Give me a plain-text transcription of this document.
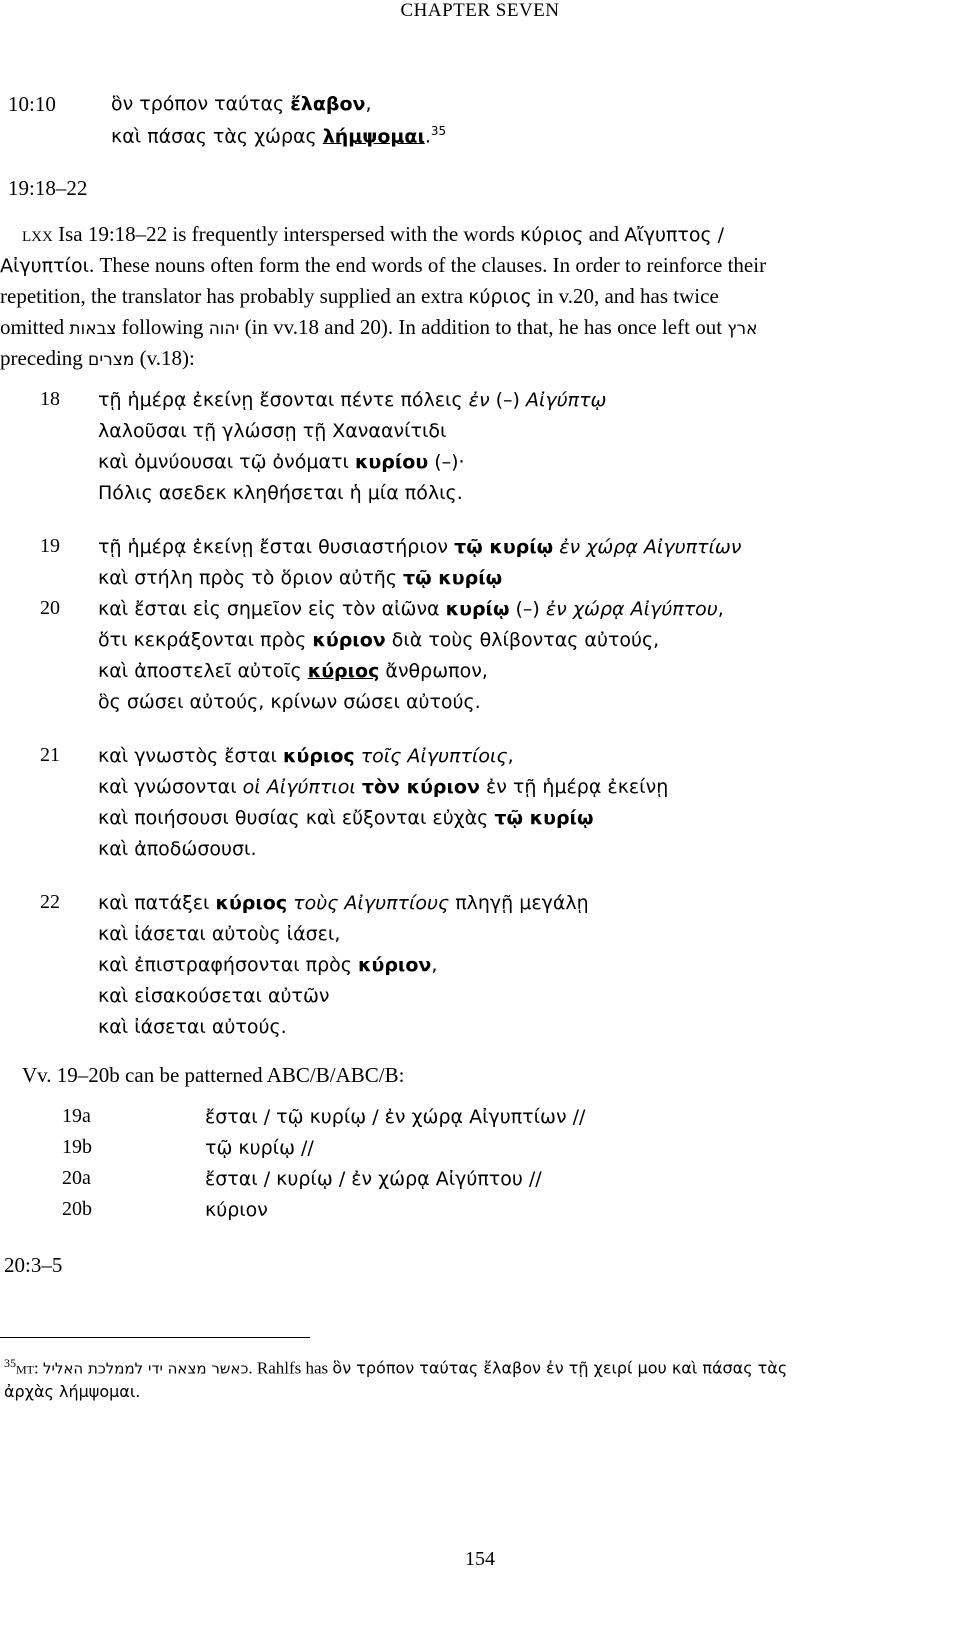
CHAPTER SEVEN
10:10	ὃν τρόπον ταύτας ἔλαβον,
καὶ πάσας τὰς χώρας λήμψομαι.$^{35}$
19:18–22
lxx Isa 19:18–22 is frequently interspersed with the words κύριος and Αἴγυπτος /
Αἰγυπτίοι. These nouns often form the end words of the clauses. In order to reinforce their
repetition, the translator has probably supplied an extra κύριος in v.20, and has twice
omitted צבאות following יהוה (in vv.18 and 20). In addition to that, he has once left out ארץ
preceding מצרים (v.18):
18 τῇ ἡμέρᾳ ἐκείνῃ ἔσονται πέντε πόλεις ἐν (–) Αἰγύπτῳ
λαλοῦσαι τῇ γλώσσῃ τῇ Χαναανίτιδι
καὶ ὀμνύουσαι τῷ ὀνόματι κυρίου (–)·
Πόλις ασεδεκ κληθήσεται ἡ μία πόλις.
19 τῇ ἡμέρᾳ ἐκείνῃ ἔσται θυσιαστήριον τῷ κυρίῳ ἐν χώρᾳ Αἰγυπτίων
καὶ στήλη πρὸς τὸ ὅριον αὐτῆς τῷ κυρίῳ
20 καὶ ἔσται εἰς σημεῖον εἰς τὸν αἰῶνα κυρίῳ (–) ἐν χώρᾳ Αἰγύπτου,
ὅτι κεκράξονται πρὸς κύριον διὰ τοὺς θλίβοντας αὐτούς,
καὶ ἀποστελεῖ αὐτοῖς κύριος ἄνθρωπον,
ὃς σώσει αὐτούς, κρίνων σώσει αὐτούς.
21 καὶ γνωστὸς ἔσται κύριος τοῖς Αἰγυπτίοις,
καὶ γνώσονται οἱ Αἰγύπτιοι τὸν κύριον ἐν τῇ ἡμέρᾳ ἐκείνῃ
καὶ ποιήσουσι θυσίας καὶ εὔξονται εὐχὰς τῷ κυρίῳ
καὶ ἀποδώσουσι.
22 καὶ πατάξει κύριος τοὺς Αἰγυπτίους πληγῇ μεγάλῃ
καὶ ἰάσεται αὐτοὺς ἰάσει,
καὶ ἐπιστραφήσονται πρὸς κύριον,
καὶ εἰσακούσεται αὐτῶν
καὶ ἰάσεται αὐτούς.
Vv. 19–20b can be patterned ABC/B/ABC/B:
19a	ἔσται / τῷ κυρίῳ / ἐν χώρᾳ Αἰγυπτίων //
19b	τῷ κυρίῳ //
20a	ἔσται / κυρίῳ / ἐν χώρᾳ Αἰγύπτου //
20b	κύριον
20:3–5
$^{35}$mt: כאשר מצאה ידי לממלכת האליל. Rahlfs has ὃν τρόπον ταύτας ἔλαβον ἐν τῇ χειρί μου καὶ πάσας τὰς
ἀρχὰς λήμψομαι.
154
